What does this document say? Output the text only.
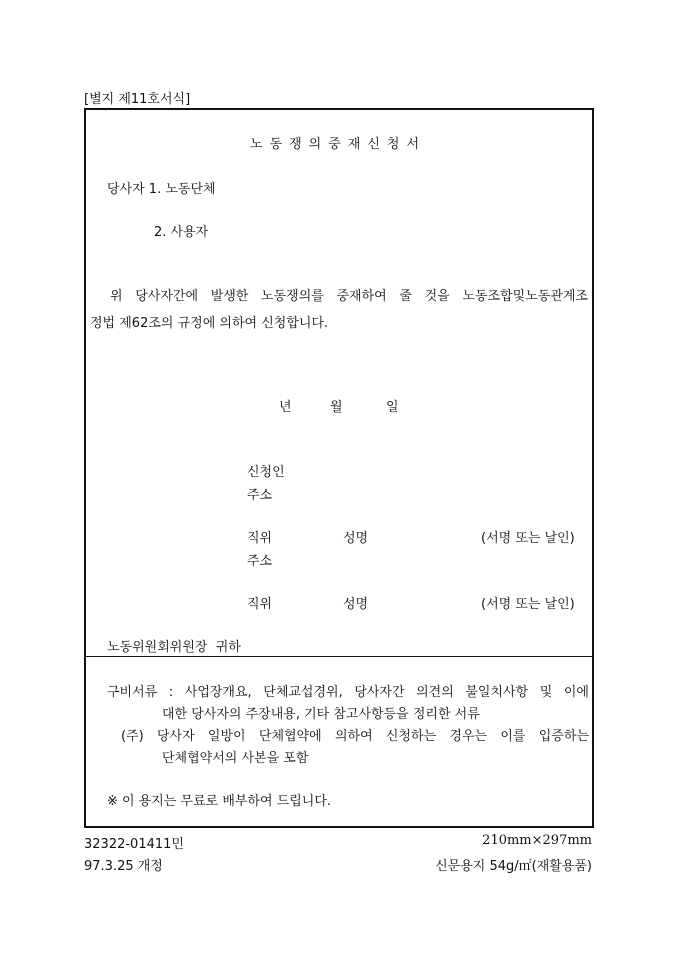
[별지 제11호서식]
노동쟁의중재신청서
당사자 1. 노동단체
2. 사용자
위 당사자간에 발생한 노동쟁의를 중재하여 줄 것을 노동조합및노동관계조
정법 제62조의 규정에 의하여 신청합니다.
년	월	일
신청인
주소
직위	성명	(서명 또는 날인)
주소
직위	성명	(서명 또는 날인)
노동위원회위원장  귀하
구비서류 : 사업장개요, 단체교섭경위, 당사자간 의견의 불일치사항 및 이에
대한 당사자의 주장내용, 기타 참고사항등을 정리한 서류
(주) 당사자 일방이 단체협약에 의하여 신청하는 경우는 이를 입증하는
단체협약서의 사본을 포함
※ 이 용지는 무료로 배부하여 드립니다.
32322-01411민
97.3.25 개정
210mm×297mm
신문용지 54g/㎡(재활용품)
